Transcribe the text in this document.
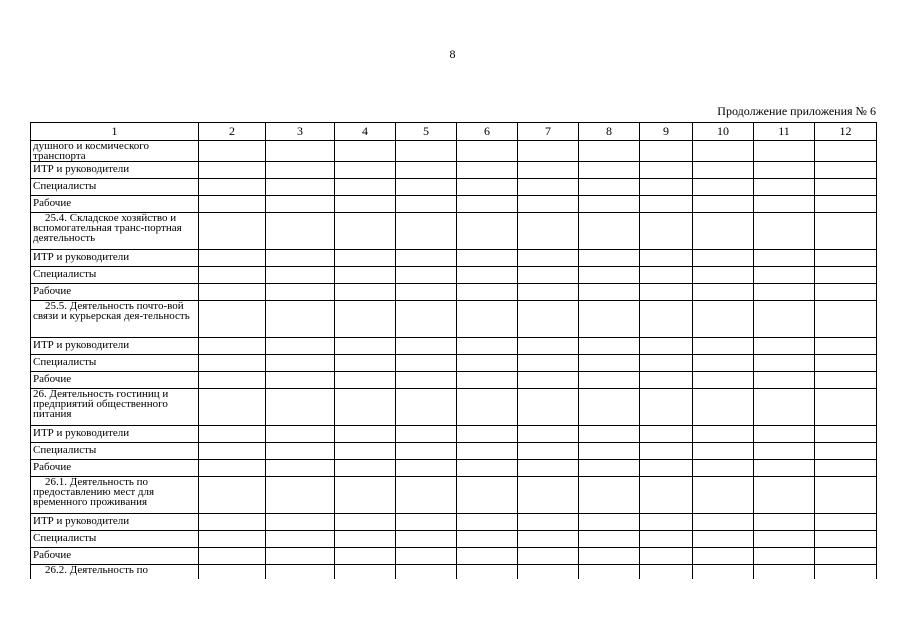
8
Продолжение приложения № 6
1	2	3	4	5	6	7	8	9	10	11	12
душного и космического транспорта											
ИТР и руководители											
Специалисты											
Рабочие											
25.4. Складское хозяйство и вспомогательная транс-портная деятельность											
ИТР и руководители											
Специалисты											
Рабочие											
25.5. Деятельность почто-вой связи и курьерская дея-тельность											
ИТР и руководители											
Специалисты											
Рабочие											
26. Деятельность гостиниц и предприятий общественного питания											
ИТР и руководители											
Специалисты											
Рабочие											
26.1. Деятельность по предоставлению мест для временного проживания											
ИТР и руководители											
Специалисты											
Рабочие											
26.2. Деятельность по											
